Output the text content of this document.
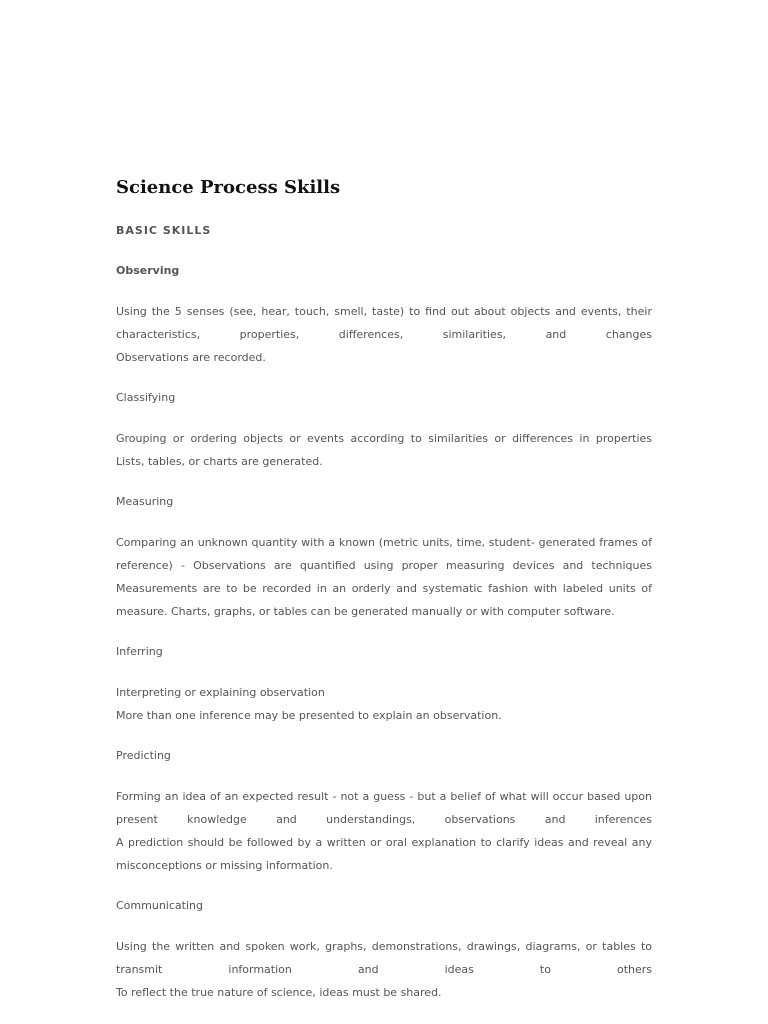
Science Process Skills
BASIC SKILLS
Observing
Using the 5 senses (see, hear, touch, smell, taste) to find out about objects and events, their
characteristics, properties, differences, similarities, and changes
Observations are recorded.
Classifying
Grouping or ordering objects or events according to similarities or differences in properties
Lists, tables, or charts are generated.
Measuring
Comparing an unknown quantity with a known (metric units, time, student- generated frames of
reference) - Observations are quantified using proper measuring devices and techniques
Measurements are to be recorded in an orderly and systematic fashion with labeled units of
measure. Charts, graphs, or tables can be generated manually or with computer software.
Inferring
Interpreting or explaining observation
More than one inference may be presented to explain an observation.
Predicting
Forming an idea of an expected result - not a guess - but a belief of what will occur based upon
present knowledge and understandings, observations and inferences
A prediction should be followed by a written or oral explanation to clarify ideas and reveal any
misconceptions or missing information.
Communicating
Using the written and spoken work, graphs, demonstrations, drawings, diagrams, or tables to
transmit information and ideas to others
To reflect the true nature of science, ideas must be shared.
